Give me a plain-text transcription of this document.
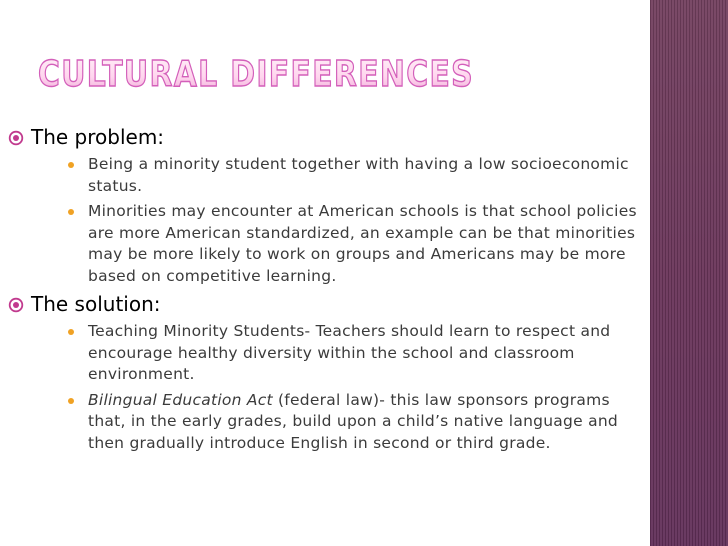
CULTURAL DIFFERENCES
The problem:
Being a minority student together with having a low socioeconomic status.
Minorities may encounter at American schools is that school policies are more American standardized, an example can be that minorities may be more likely to work on groups and Americans may be more based on competitive learning.
The solution:
Teaching Minority Students- Teachers should learn to respect and encourage healthy diversity within the school and classroom environment.
Bilingual Education Act (federal law)- this law sponsors programs that, in the early grades, build upon a child’s native language and then gradually introduce English in second or third grade.
